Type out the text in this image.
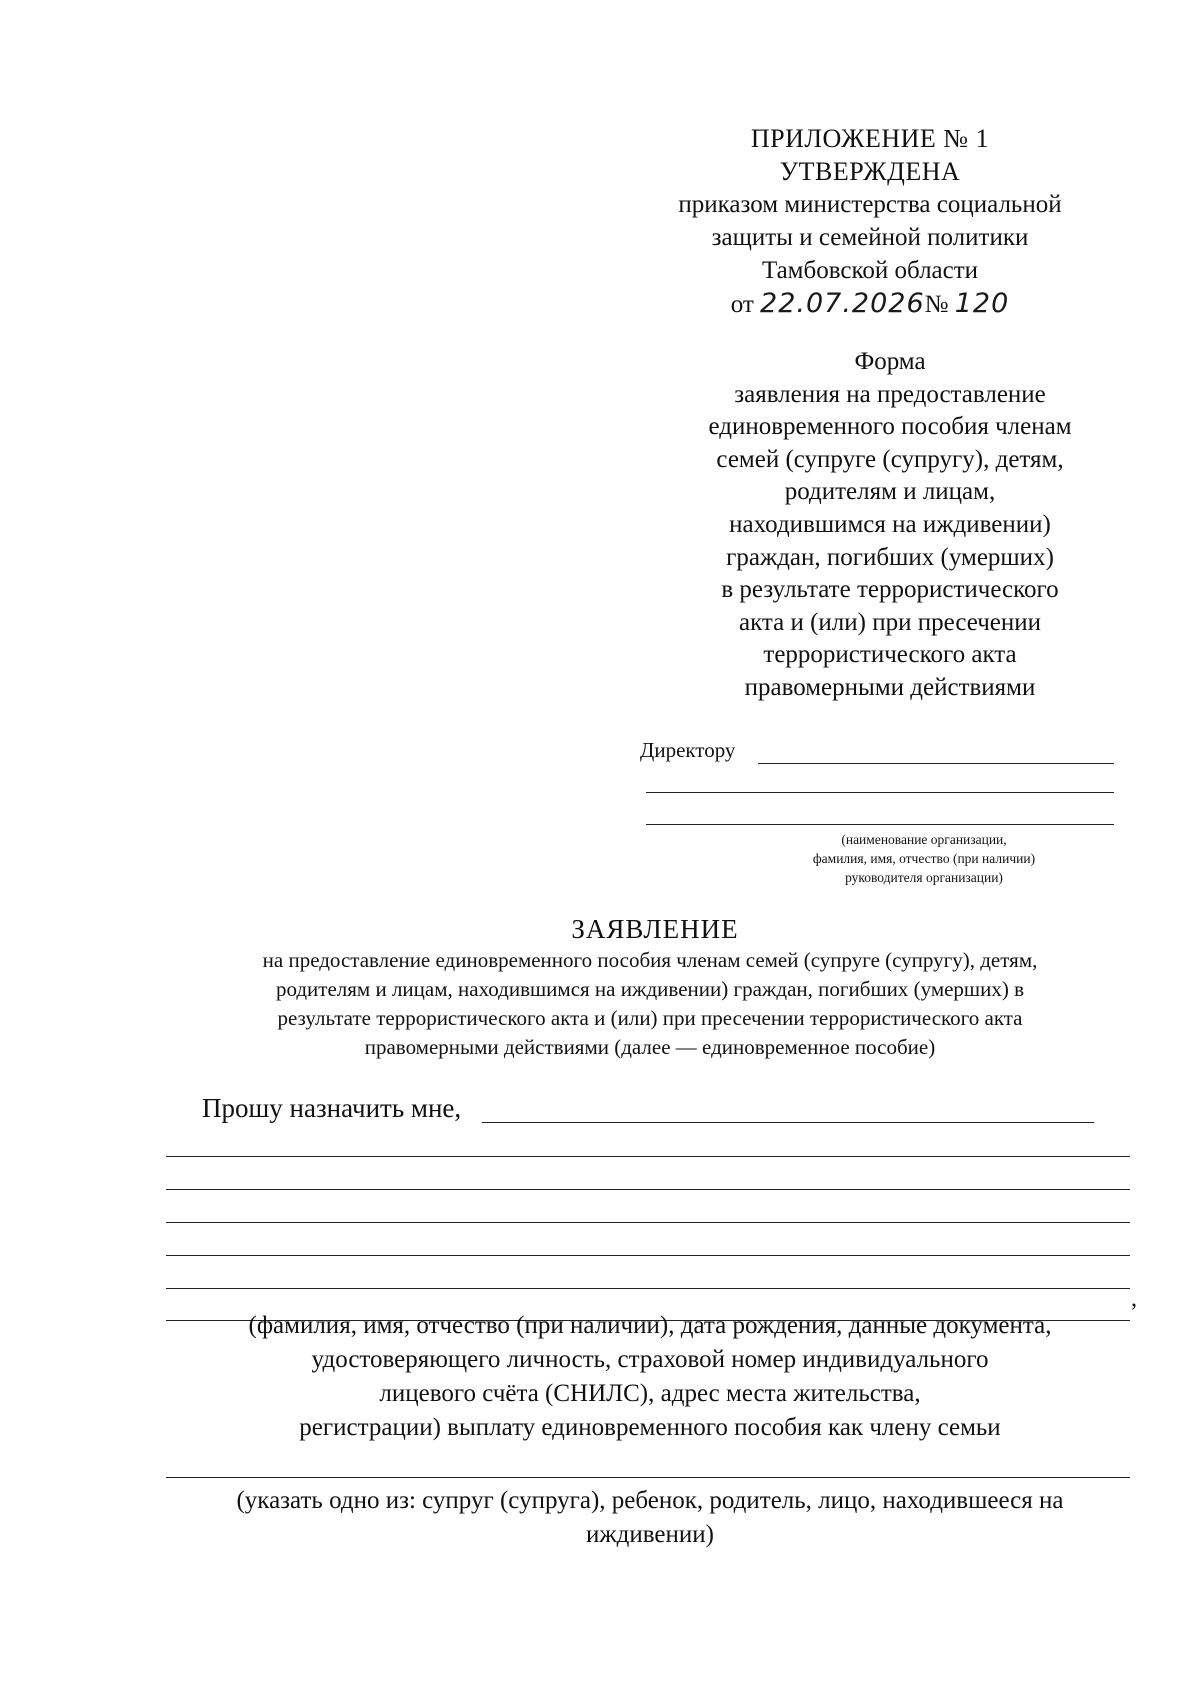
ПРИЛОЖЕНИЕ № 1
УТВЕРЖДЕНА
приказом министерства социальной
защиты и семейной политики
Тамбовской области
от 22.07.2026№ 120
Форма
заявления на предоставление
единовременного пособия членам
семей (супруге (супругу), детям,
родителям и лицам,
находившимся на иждивении)
граждан, погибших (умерших)
в результате террористического
акта и (или) при пресечении
террористического акта
правомерными действиями
Директору
(наименование организации,
фамилия, имя, отчество (при наличии)
руководителя организации)
ЗАЯВЛЕНИЕ
на предоставление единовременного пособия членам семей (супруге (супругу), детям,
родителям и лицам, находившимся на иждивении) граждан, погибших (умерших) в
результате террористического акта и (или) при пресечении террористического акта
правомерными действиями (далее — единовременное пособие)
Прошу назначить мне,
,
(фамилия, имя, отчество (при наличии), дата рождения, данные документа,
удостоверяющего личность, страховой номер индивидуального
лицевого счёта (СНИЛС), адрес места жительства,
регистрации) выплату единовременного пособия как члену семьи
(указать одно из: супруг (супруга), ребенок, родитель, лицо, находившееся на
иждивении)
